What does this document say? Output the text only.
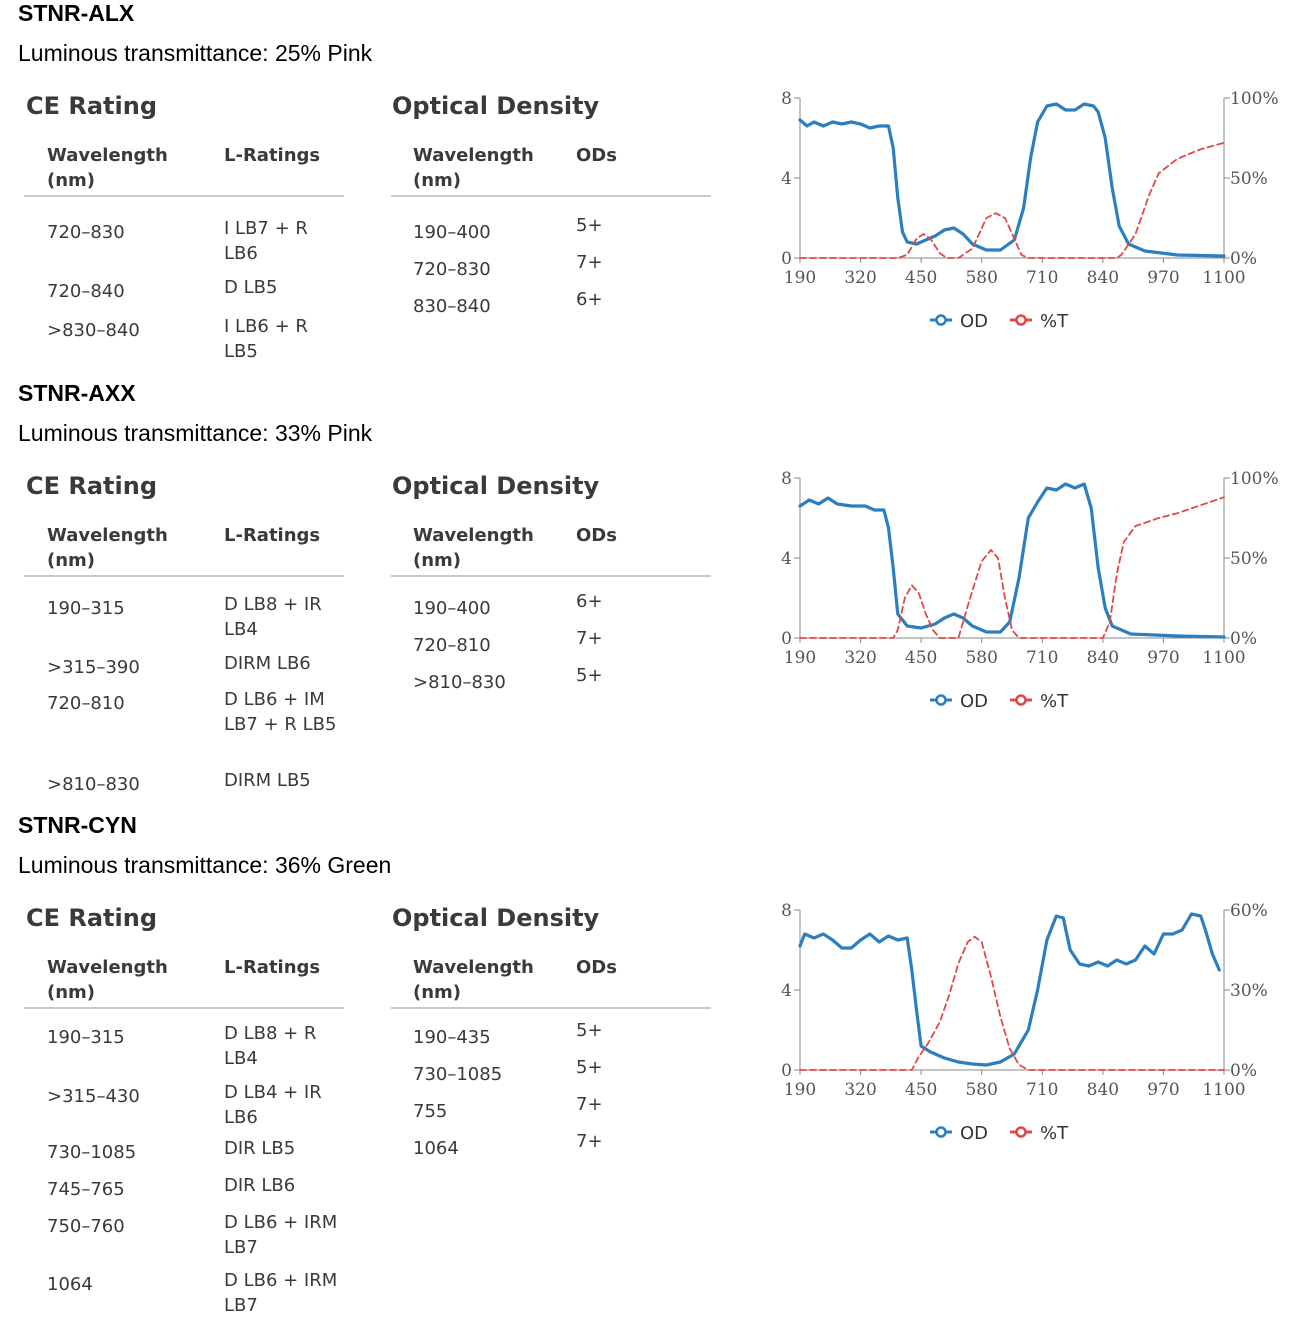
STNR-ALX
Luminous transmittance: 25% Pink
CE Rating
Wavelength (nm)
L-Ratings
720–830	I LB7 + R LB6
720–840	D LB5
>830–840	I LB6 + R LB5
Optical Density
Wavelength (nm)
ODs
190–400	5+
720–830	7+
830–840	6+
0
4
8
0%
50%
100%
190 320 450 580 710 840 970 1100
OD	%T
STNR-AXX
Luminous transmittance: 33% Pink
CE Rating
Wavelength (nm)
L-Ratings
190–315	D LB8 + IR LB4
>315–390	DIRM LB6
720–810	D LB6 + IM LB7 + R LB5
>810–830	DIRM LB5
Optical Density
Wavelength (nm)
ODs
190–400	6+
720–810	7+
>810–830	5+
0
4
8
0%
50%
100%
190 320 450 580 710 840 970 1100
OD	%T
STNR-CYN
Luminous transmittance: 36% Green
CE Rating
Wavelength (nm)
L-Ratings
190–315	D LB8 + R LB4
>315–430	D LB4 + IR LB6
730–1085	DIR LB5
745–765	DIR LB6
750–760	D LB6 + IRM LB7
1064	D LB6 + IRM LB7
Optical Density
Wavelength (nm)
ODs
190–435	5+
730–1085	5+
755	7+
1064	7+
0
4
8
0%
30%
60%
190 320 450 580 710 840 970 1100
OD	%T
